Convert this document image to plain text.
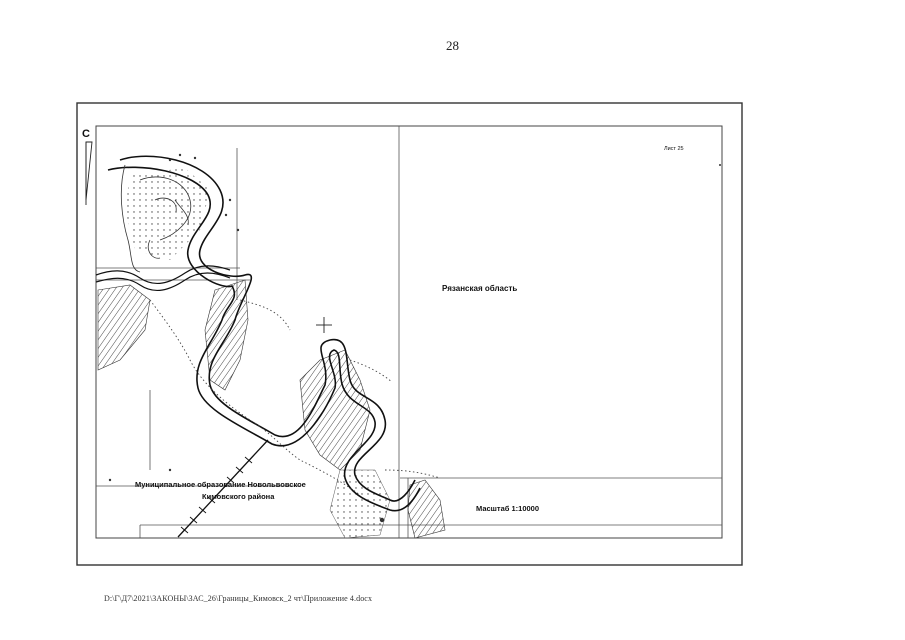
28
С
Лист 25
Рязанская область
Муниципальное образование Новольвовское
Кимовского района
Масштаб 1:10000
D:\Г\Д7\2021\ЗАКОНЫ\ЗАС_26\Границы_Кимовск_2 чт\Приложение 4.docx
